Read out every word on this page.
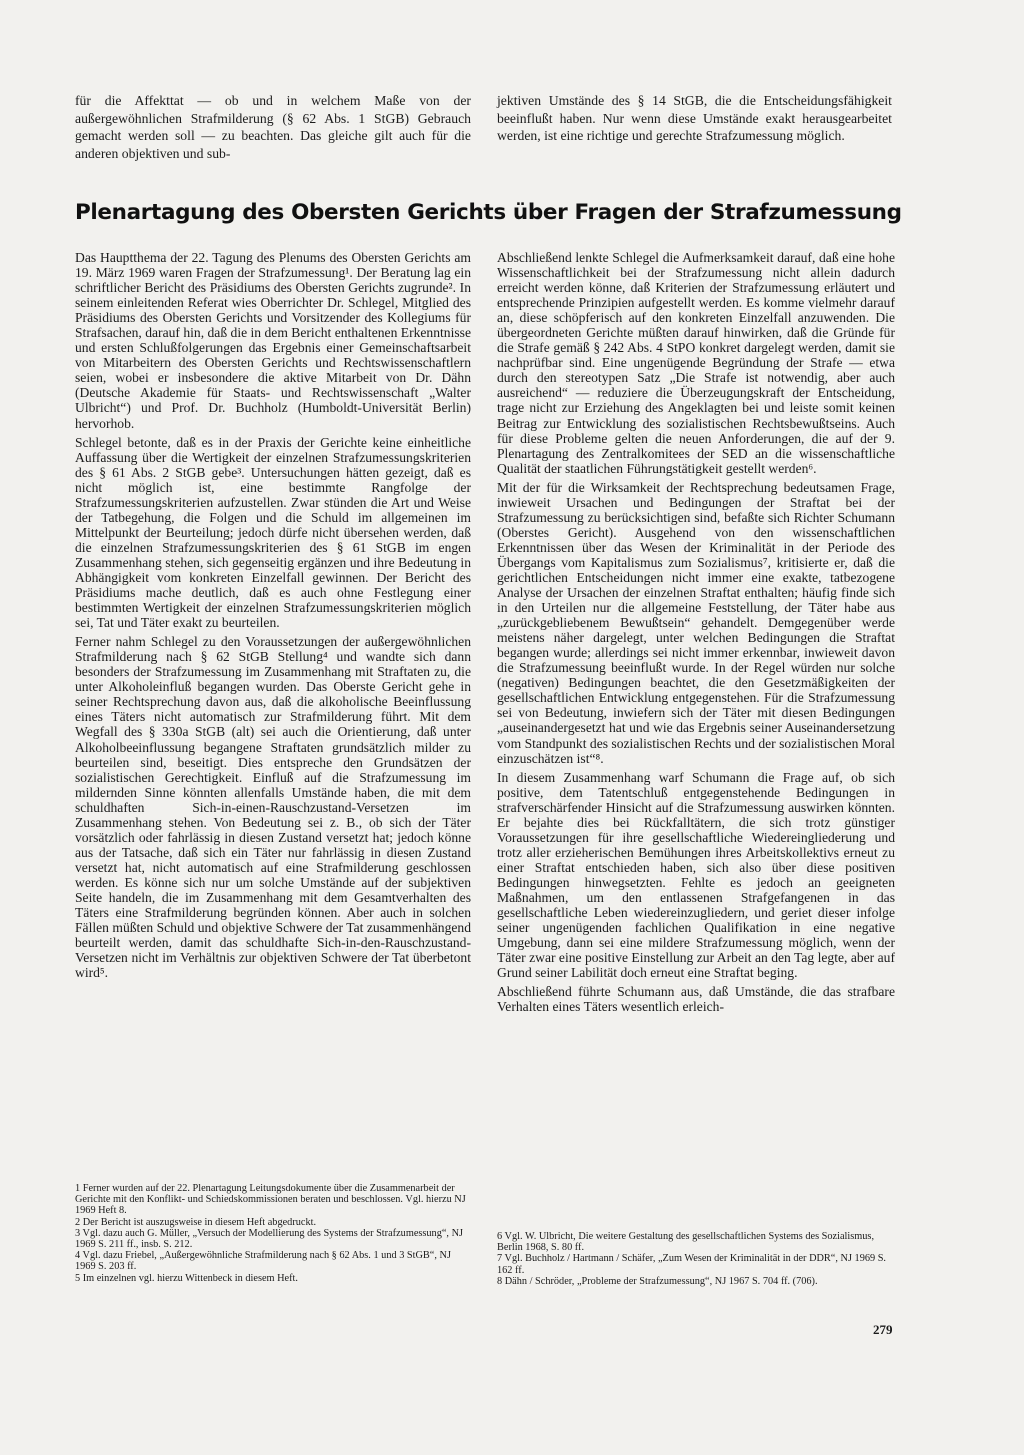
für die Affekttat — ob und in welchem Maße von der außergewöhnlichen Strafmilderung (§ 62 Abs. 1 StGB) Gebrauch gemacht werden soll — zu beachten. Das gleiche gilt auch für die anderen objektiven und sub-

jektiven Umstände des § 14 StGB, die die Entscheidungsfähigkeit beeinflußt haben. Nur wenn diese Umstände exakt herausgearbeitet werden, ist eine richtige und gerechte Strafzumessung möglich.

Plenartagung des Obersten Gerichts über Fragen der Strafzumessung

Das Hauptthema der 22. Tagung des Plenums des Obersten Gerichts am 19. März 1969 waren Fragen der Strafzumessung¹. Der Beratung lag ein schriftlicher Bericht des Präsidiums des Obersten Gerichts zugrunde². In seinem einleitenden Referat wies Oberrichter Dr. Schlegel, Mitglied des Präsidiums des Obersten Gerichts und Vorsitzender des Kollegiums für Strafsachen, darauf hin, daß die in dem Bericht enthaltenen Erkenntnisse und ersten Schlußfolgerungen das Ergebnis einer Gemeinschaftsarbeit von Mitarbeitern des Obersten Gerichts und Rechtswissenschaftlern seien, wobei er insbesondere die aktive Mitarbeit von Dr. Dähn (Deutsche Akademie für Staats- und Rechtswissenschaft „Walter Ulbricht“) und Prof. Dr. Buchholz (Humboldt-Universität Berlin) hervorhob.

Schlegel betonte, daß es in der Praxis der Gerichte keine einheitliche Auffassung über die Wertigkeit der einzelnen Strafzumessungskriterien des § 61 Abs. 2 StGB gebe³. Untersuchungen hätten gezeigt, daß es nicht möglich ist, eine bestimmte Rangfolge der Strafzumessungskriterien aufzustellen. Zwar stünden die Art und Weise der Tatbegehung, die Folgen und die Schuld im allgemeinen im Mittelpunkt der Beurteilung; jedoch dürfe nicht übersehen werden, daß die einzelnen Strafzumessungskriterien des § 61 StGB im engen Zusammenhang stehen, sich gegenseitig ergänzen und ihre Bedeutung in Abhängigkeit vom konkreten Einzelfall gewinnen. Der Bericht des Präsidiums mache deutlich, daß es auch ohne Festlegung einer bestimmten Wertigkeit der einzelnen Strafzumessungskriterien möglich sei, Tat und Täter exakt zu beurteilen.

Ferner nahm Schlegel zu den Voraussetzungen der außergewöhnlichen Strafmilderung nach § 62 StGB Stellung⁴ und wandte sich dann besonders der Strafzumessung im Zusammenhang mit Straftaten zu, die unter Alkoholeinfluß begangen wurden. Das Oberste Gericht gehe in seiner Rechtsprechung davon aus, daß die alkoholische Beeinflussung eines Täters nicht automatisch zur Strafmilderung führt. Mit dem Wegfall des § 330a StGB (alt) sei auch die Orientierung, daß unter Alkoholbeeinflussung begangene Straftaten grundsätzlich milder zu beurteilen sind, beseitigt. Dies entspreche den Grundsätzen der sozialistischen Gerechtigkeit. Einfluß auf die Strafzumessung im mildernden Sinne könnten allenfalls Umstände haben, die mit dem schuldhaften Sich-in-einen-Rauschzustand-Versetzen im Zusammenhang stehen. Von Bedeutung sei z. B., ob sich der Täter vorsätzlich oder fahrlässig in diesen Zustand versetzt hat; jedoch könne aus der Tatsache, daß sich ein Täter nur fahrlässig in diesen Zustand versetzt hat, nicht automatisch auf eine Strafmilderung geschlossen werden. Es könne sich nur um solche Umstände auf der subjektiven Seite handeln, die im Zusammenhang mit dem Gesamtverhalten des Täters eine Strafmilderung begründen können. Aber auch in solchen Fällen müßten Schuld und objektive Schwere der Tat zusammenhängend beurteilt werden, damit das schuldhafte Sich-in-den-Rauschzustand-Versetzen nicht im Verhältnis zur objektiven Schwere der Tat überbetont wird⁵.

Abschließend lenkte Schlegel die Aufmerksamkeit darauf, daß eine hohe Wissenschaftlichkeit bei der Strafzumessung nicht allein dadurch erreicht werden könne, daß Kriterien der Strafzumessung erläutert und entsprechende Prinzipien aufgestellt werden. Es komme vielmehr darauf an, diese schöpferisch auf den konkreten Einzelfall anzuwenden. Die übergeordneten Gerichte müßten darauf hinwirken, daß die Gründe für die Strafe gemäß § 242 Abs. 4 StPO konkret dargelegt werden, damit sie nachprüfbar sind. Eine ungenügende Begründung der Strafe — etwa durch den stereotypen Satz „Die Strafe ist notwendig, aber auch ausreichend“ — reduziere die Überzeugungskraft der Entscheidung, trage nicht zur Erziehung des Angeklagten bei und leiste somit keinen Beitrag zur Entwicklung des sozialistischen Rechtsbewußtseins. Auch für diese Probleme gelten die neuen Anforderungen, die auf der 9. Plenartagung des Zentralkomitees der SED an die wissenschaftliche Qualität der staatlichen Führungstätigkeit gestellt werden⁶.

Mit der für die Wirksamkeit der Rechtsprechung bedeutsamen Frage, inwieweit Ursachen und Bedingungen der Straftat bei der Strafzumessung zu berücksichtigen sind, befaßte sich Richter Schumann (Oberstes Gericht). Ausgehend von den wissenschaftlichen Erkenntnissen über das Wesen der Kriminalität in der Periode des Übergangs vom Kapitalismus zum Sozialismus⁷, kritisierte er, daß die gerichtlichen Entscheidungen nicht immer eine exakte, tatbezogene Analyse der Ursachen der einzelnen Straftat enthalten; häufig finde sich in den Urteilen nur die allgemeine Feststellung, der Täter habe aus „zurückgebliebenem Bewußtsein“ gehandelt. Demgegenüber werde meistens näher dargelegt, unter welchen Bedingungen die Straftat begangen wurde; allerdings sei nicht immer erkennbar, inwieweit davon die Strafzumessung beeinflußt wurde. In der Regel würden nur solche (negativen) Bedingungen beachtet, die den Gesetzmäßigkeiten der gesellschaftlichen Entwicklung entgegenstehen. Für die Strafzumessung sei von Bedeutung, inwiefern sich der Täter mit diesen Bedingungen „auseinandergesetzt hat und wie das Ergebnis seiner Auseinandersetzung vom Standpunkt des sozialistischen Rechts und der sozialistischen Moral einzuschätzen ist“⁸.

In diesem Zusammenhang warf Schumann die Frage auf, ob sich positive, dem Tatentschluß entgegenstehende Bedingungen in strafverschärfender Hinsicht auf die Strafzumessung auswirken könnten. Er bejahte dies bei Rückfalltätern, die sich trotz günstiger Voraussetzungen für ihre gesellschaftliche Wiedereingliederung und trotz aller erzieherischen Bemühungen ihres Arbeitskollektivs erneut zu einer Straftat entschieden haben, sich also über diese positiven Bedingungen hinwegsetzten. Fehlte es jedoch an geeigneten Maßnahmen, um den entlassenen Strafgefangenen in das gesellschaftliche Leben wiedereinzugliedern, und geriet dieser infolge seiner ungenügenden fachlichen Qualifikation in eine negative Umgebung, dann sei eine mildere Strafzumessung möglich, wenn der Täter zwar eine positive Einstellung zur Arbeit an den Tag legte, aber auf Grund seiner Labilität doch erneut eine Straftat beging.

Abschließend führte Schumann aus, daß Umstände, die das strafbare Verhalten eines Täters wesentlich erleich-

1 Ferner wurden auf der 22. Plenartagung Leitungsdokumente über die Zusammenarbeit der Gerichte mit den Konflikt- und Schiedskommissionen beraten und beschlossen. Vgl. hierzu NJ 1969 Heft 8.

2 Der Bericht ist auszugsweise in diesem Heft abgedruckt.

3 Vgl. dazu auch G. Müller, „Versuch der Modellierung des Systems der Strafzumessung“, NJ 1969 S. 211 ff., insb. S. 212.

4 Vgl. dazu Friebel, „Außergewöhnliche Strafmilderung nach § 62 Abs. 1 und 3 StGB“, NJ 1969 S. 203 ff.

5 Im einzelnen vgl. hierzu Wittenbeck in diesem Heft.

6 Vgl. W. Ulbricht, Die weitere Gestaltung des gesellschaftlichen Systems des Sozialismus, Berlin 1968, S. 80 ff.

7 Vgl. Buchholz / Hartmann / Schäfer, „Zum Wesen der Kriminalität in der DDR“, NJ 1969 S. 162 ff.

8 Dähn / Schröder, „Probleme der Strafzumessung“, NJ 1967 S. 704 ff. (706).

279
